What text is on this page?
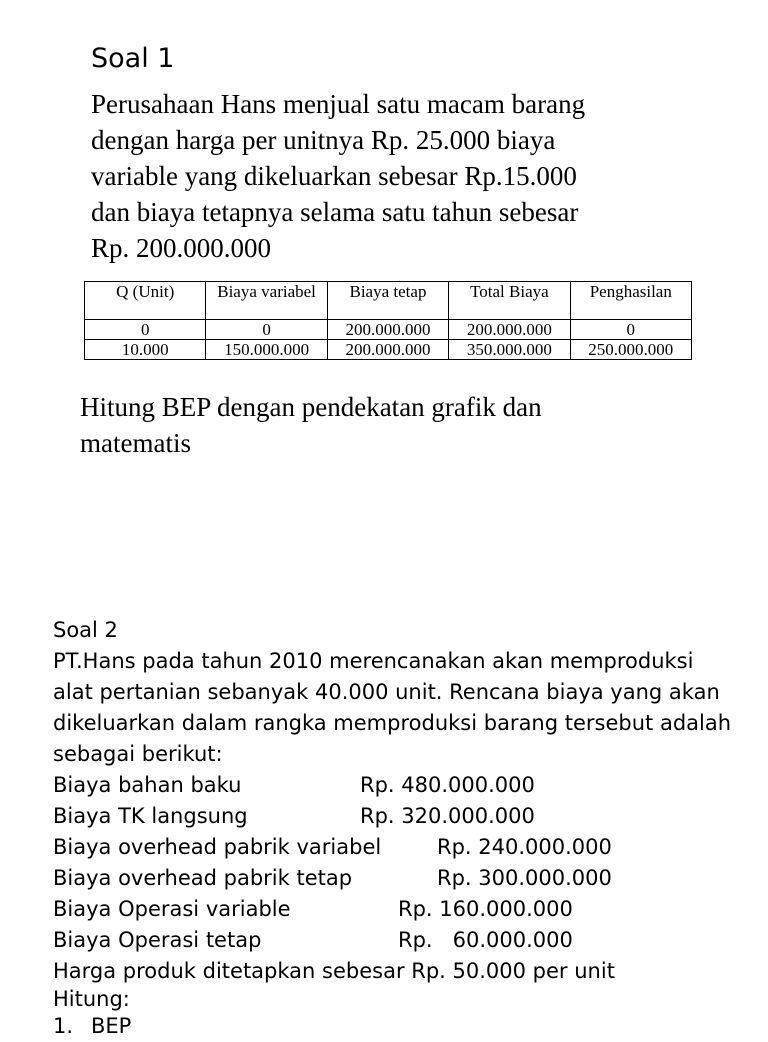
Soal 1
Perusahaan Hans menjual satu macam barang
dengan harga per unitnya Rp. 25.000 biaya
variable yang dikeluarkan sebesar Rp.15.000
dan biaya tetapnya selama satu tahun sebesar
Rp. 200.000.000
Q (Unit)	Biaya variabel	Biaya tetap	Total Biaya	Penghasilan
0	0	200.000.000	200.000.000	0
10.000	150.000.000	200.000.000	350.000.000	250.000.000
Hitung BEP dengan pendekatan grafik dan
matematis
Soal 2
PT.Hans pada tahun 2010 merencanakan akan memproduksi
alat pertanian sebanyak 40.000 unit. Rencana biaya yang akan
dikeluarkan dalam rangka memproduksi barang tersebut adalah
sebagai berikut:
Biaya bahan baku	Rp. 480.000.000
Biaya TK langsung	Rp. 320.000.000
Biaya overhead pabrik variabel	Rp. 240.000.000
Biaya overhead pabrik tetap	Rp. 300.000.000
Biaya Operasi variable	Rp. 160.000.000
Biaya Operasi tetap	Rp.   60.000.000
Harga produk ditetapkan sebesar Rp. 50.000 per unit
Hitung:
1. BEP
